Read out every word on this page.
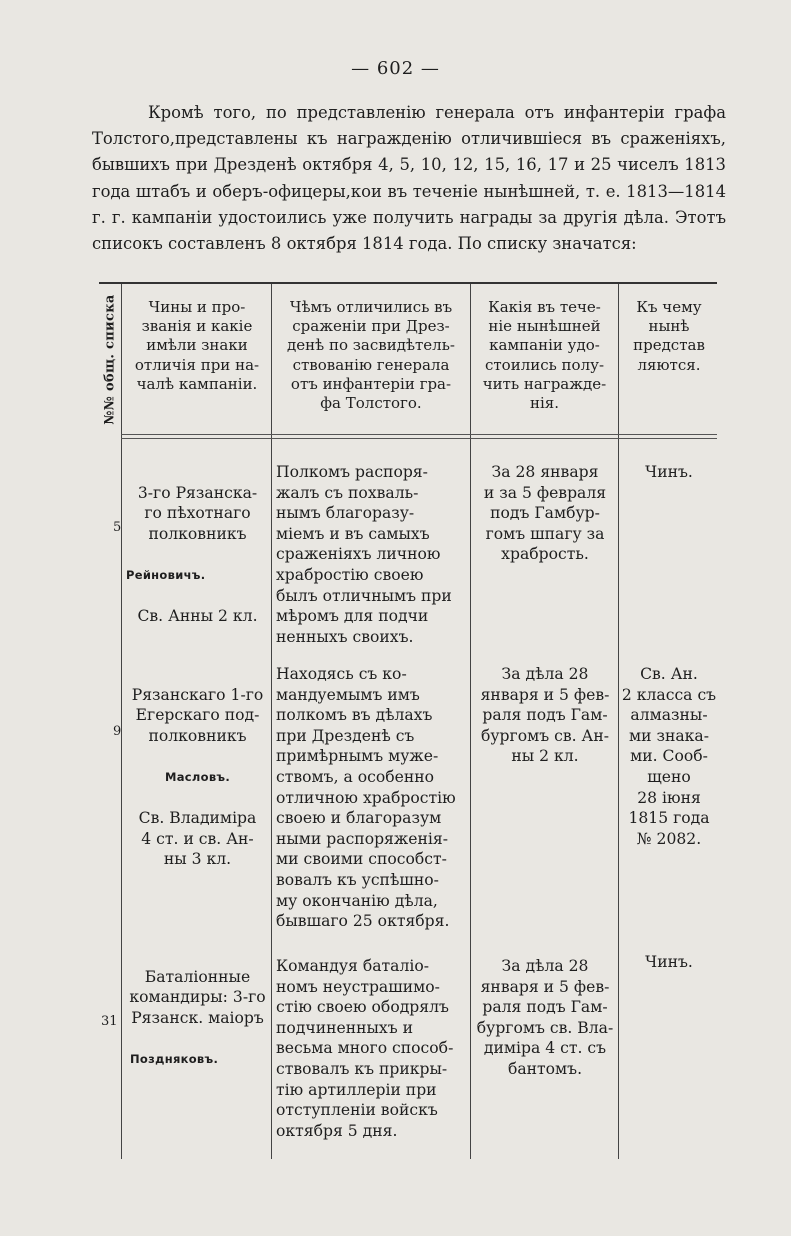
— 602 —

Кромѣ того, по представленію генерала отъ инфантеріи графа Толстого,представлены къ награжденію отличившіеся въ сраженіяхъ, бывшихъ при Дрезденѣ октября 4, 5, 10, 12, 15, 16, 17 и 25 чиселъ 1813 года штабъ и оберъ-офицеры,кои въ теченіе нынѣшней, т. е. 1813—1814 г. г. кампаніи удостоились уже получить награды за другія дѣла. Этотъ списокъ составленъ 8 октября 1814 года. По списку значатся:

№№ общ. списка	Чины и про-
званія и какіе
имѣли знаки
отличія при на-
чалѣ кампаніи.
Чѣмъ отличились въ
сраженіи при Дрез-
денѣ по засвидѣтель-
ствованію генерала
отъ инфантеріи гра-
фа Толстого.
Какія въ тече-
ніе нынѣшней
кампаніи удо-
стоились полу-
чить награжде-
нія.
Къ чему
нынѣ
представ
ляются.
5

3-го Рязанска-
го пѣхотнаго
полковникъ

Рейновичъ.

Св. Анны 2 кл.

Полкомъ распоря-
жалъ съ похваль-
нымъ благоразу-
міемъ и въ самыхъ
сраженіяхъ личною
храбростію своею
былъ отличнымъ при
мѣромъ для подчи
ненныхъ своихъ.
За 28 января
и за 5 февраля
подъ Гамбур-
гомъ шпагу за
храбрость.
Чинъ.
9

Рязанскаго 1-го
Егерскаго под-
полковникъ

Масловъ.

Св. Владиміра
4 ст. и св. Ан-
ны 3 кл.

Находясь съ ко-
мандуемымъ имъ
полкомъ въ дѣлахъ
при Дрезденѣ съ
примѣрнымъ муже-
ствомъ, а особенно
отличною храбростію
своею и благоразум
ными распоряженія-
ми своими способст-
вовалъ къ успѣшно-
му окончанію дѣла,
бывшаго 25 октября.
За дѣла 28
января и 5 фев-
раля подъ Гам-
бургомъ св. Ан-
ны 2 кл.
Св. Ан.
2 класса съ
алмазны-
ми знака-
ми. Сооб-
щено
28 іюня
1815 года
№ 2082.
31

Баталіонные
командиры: 3-го
Рязанск. маіоръ

Поздняковъ.

Командуя баталіо-
номъ неустрашимо-
стію своею ободрялъ
подчиненныхъ и
весьма много способ-
ствовалъ къ прикры-
тію артиллеріи при
отступленіи войскъ
октября 5 дня.
За дѣла 28
января и 5 фев-
раля подъ Гам-
бургомъ св. Вла-
диміра 4 ст. съ
бантомъ.
Чинъ.
